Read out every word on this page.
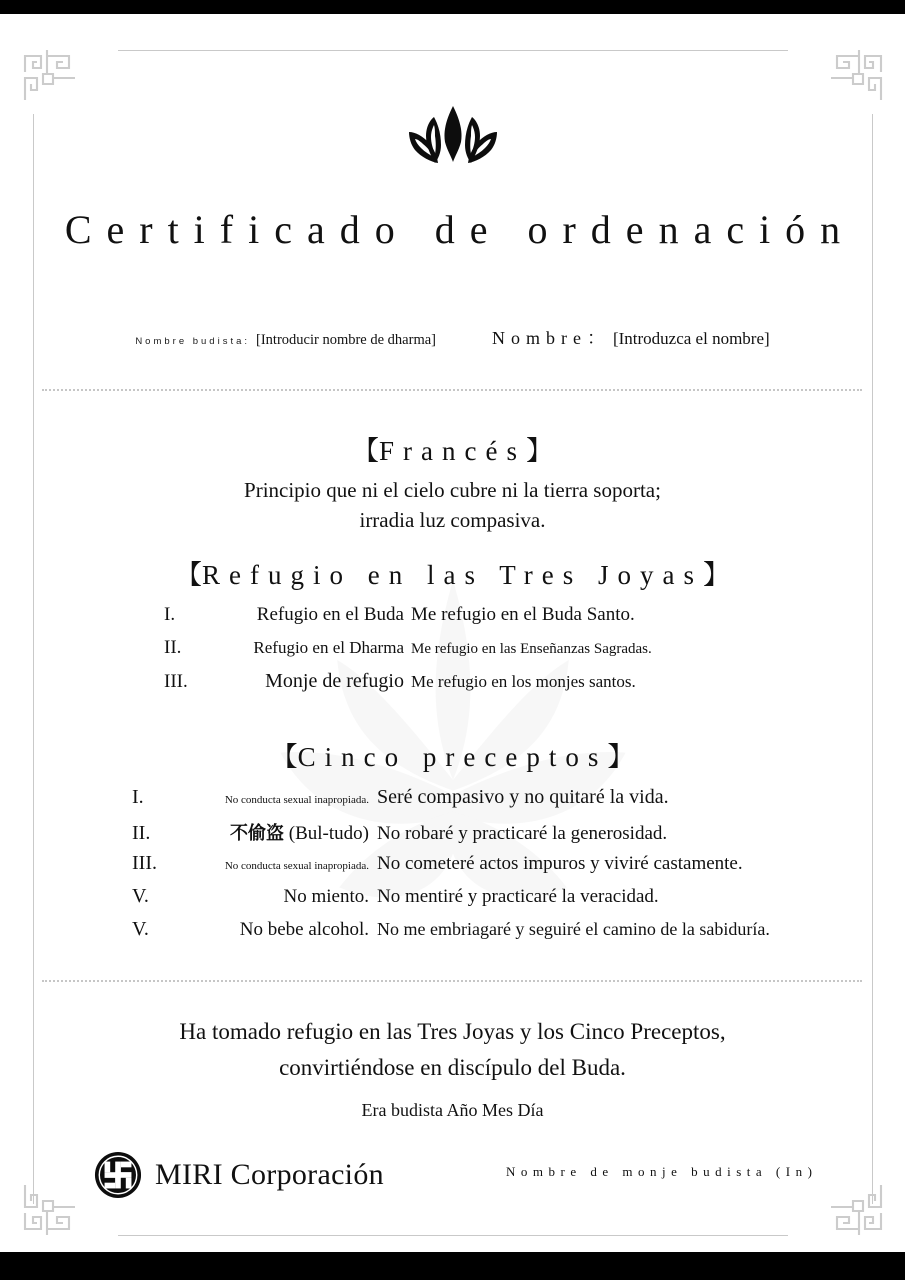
Certificado de ordenación
Nombre budista: [Introducir nombre de dharma]	Nombre： [Introduzca el nombre]
【Francés】
Principio que ni el cielo cubre ni la tierra soporta;
irradia luz compasiva.
【Refugio en las Tres Joyas】
I.	Refugio en el Buda Me refugio en el Buda Santo.
II.	Refugio en el Dharma Me refugio en las Enseñanzas Sagradas.
III.	Monje de refugio Me refugio en los monjes santos.
【Cinco preceptos】
I.	No conducta sexual inapropiada. Seré compasivo y no quitaré la vida.
II.	不偷盗 (Bul-tudo) No robaré y practicaré la generosidad.
III.	No conducta sexual inapropiada. No cometeré actos impuros y viviré castamente.
V.	No miento. No mentiré y practicaré la veracidad.
V.	No bebe alcohol. No me embriagaré y seguiré el camino de la sabiduría.
Ha tomado refugio en las Tres Joyas y los Cinco Preceptos,
convirtiéndose en discípulo del Buda.
Era budista Año Mes Día
MIRI Corporación	Nombre de monje budista (In)
